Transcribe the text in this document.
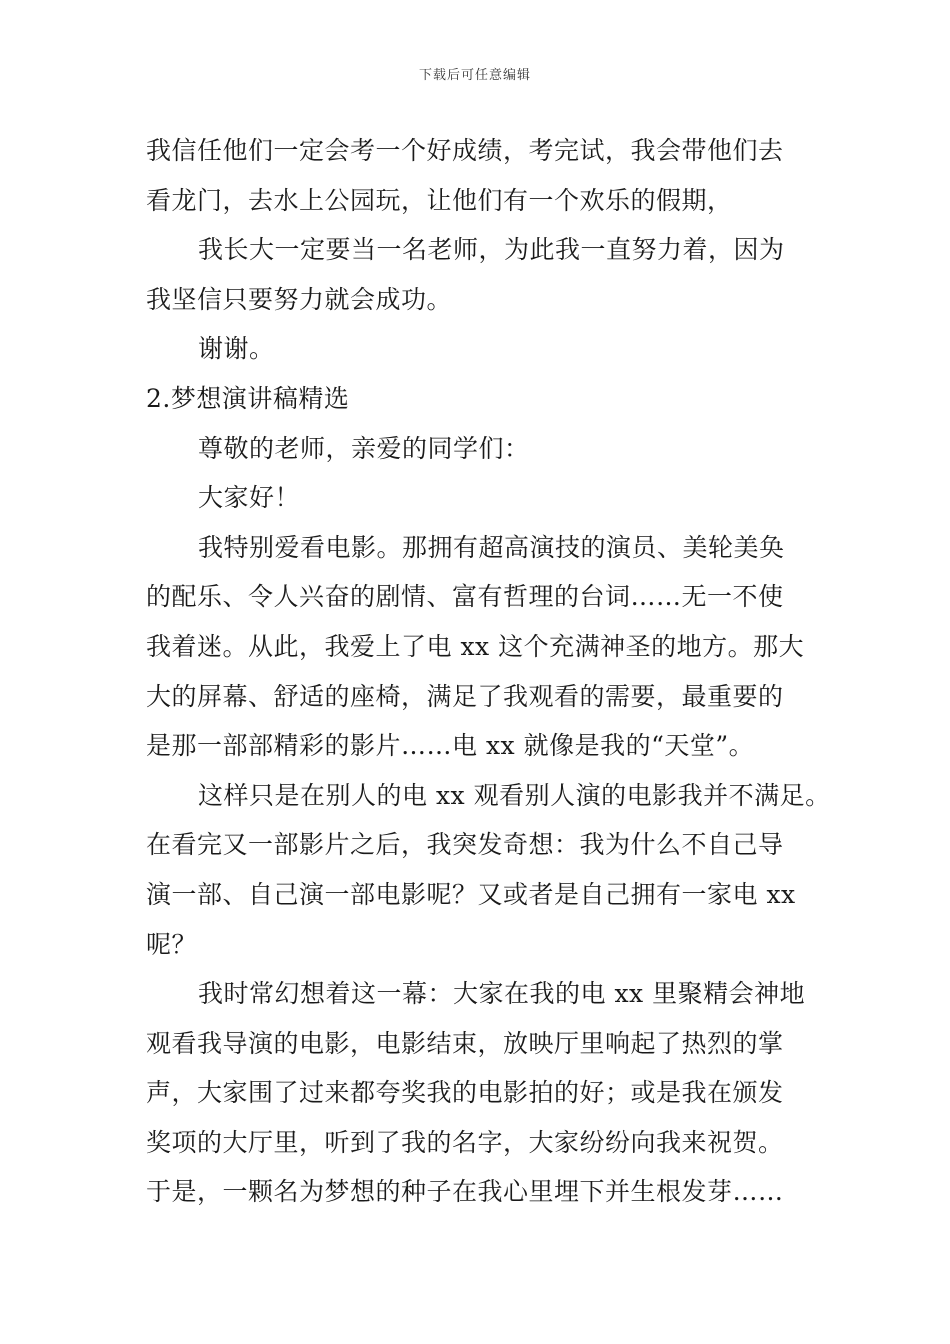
下载后可任意编辑
我信任他们一定会考一个好成绩，考完试，我会带他们去
看龙门，去水上公园玩，让他们有一个欢乐的假期，
我长大一定要当一名老师，为此我一直努力着，因为
我坚信只要努力就会成功。
谢谢。
2.梦想演讲稿精选
尊敬的老师，亲爱的同学们：
大家好！
我特别爱看电影。那拥有超高演技的演员、美轮美奂
的配乐、令人兴奋的剧情、富有哲理的台词……无一不使
我着迷。从此，我爱上了电 xx 这个充满神圣的地方。那大
大的屏幕、舒适的座椅，满足了我观看的需要，最重要的
是那一部部精彩的影片……电 xx 就像是我的“天堂”。
这样只是在别人的电 xx 观看别人演的电影我并不满足。
在看完又一部影片之后，我突发奇想：我为什么不自己导
演一部、自己演一部电影呢？又或者是自己拥有一家电 xx
呢？
我时常幻想着这一幕：大家在我的电 xx 里聚精会神地
观看我导演的电影，电影结束，放映厅里响起了热烈的掌
声，大家围了过来都夸奖我的电影拍的好；或是我在颁发
奖项的大厅里，听到了我的名字，大家纷纷向我来祝贺。
于是，一颗名为梦想的种子在我心里埋下并生根发芽……
